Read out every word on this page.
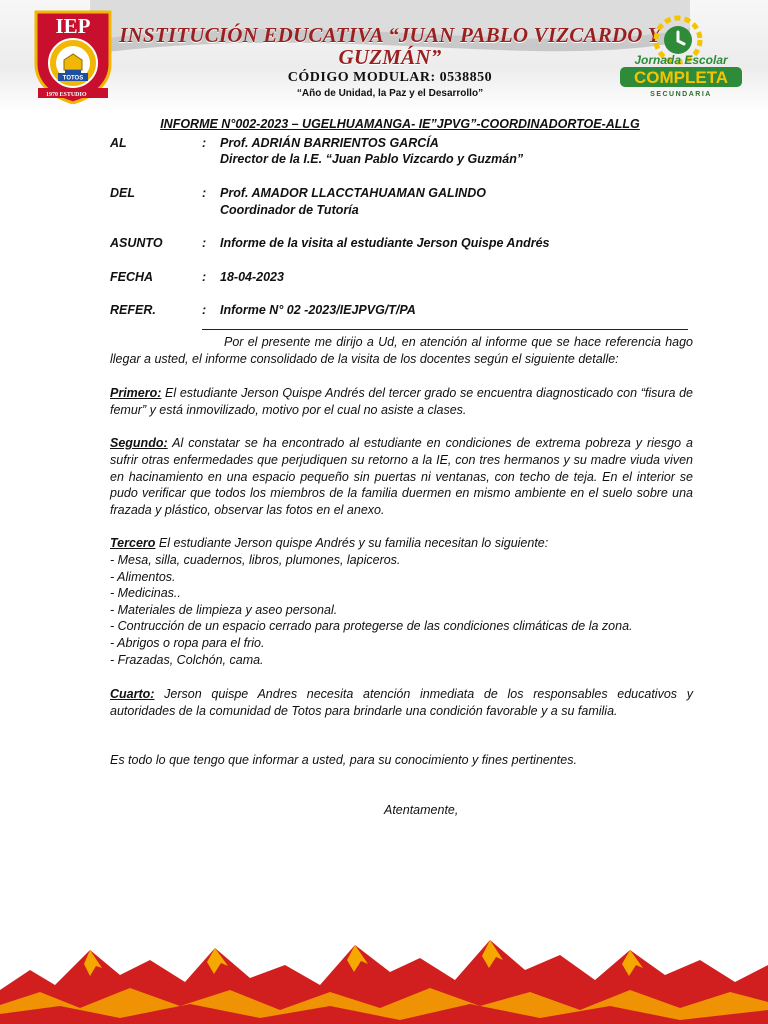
IEP
TOTOS
1970 ESTUDIO
INSTITUCIÓN EDUCATIVA “JUAN PABLO VIZCARDO Y GUZMÁN”
CÓDIGO MODULAR: 0538850
“Año de Unidad, la Paz y el Desarrollo”
Jornada Escolar
COMPLETA
SECUNDARIA
INFORME N°002-2023 – UGELHUAMANGA- IE”JPVG”-COORDINADORTOE-ALLG
AL	: Prof. ADRIÁN BARRIENTOS GARCÍA
Director de la I.E. “Juan Pablo Vizcardo y Guzmán”
DEL	: Prof. AMADOR LLACCTAHUAMAN GALINDO
Coordinador de Tutoría
ASUNTO	: Informe de la visita al estudiante Jerson Quispe Andrés
FECHA	: 18-04-2023
REFER.	: Informe N° 02 -2023/IEJPVG/T/PA
Por el presente me dirijo a Ud, en atención al informe que se hace referencia hago llegar a usted, el informe consolidado de la visita de los docentes según el siguiente detalle:
Primero: El estudiante Jerson Quispe Andrés del tercer grado se encuentra diagnosticado con “fisura de femur” y está inmovilizado, motivo por el cual no asiste a clases.
Segundo: Al constatar se ha encontrado al estudiante en condiciones de extrema pobreza y riesgo a sufrir otras enfermedades que perjudiquen su retorno a la IE, con tres hermanos y su madre viuda viven en hacinamiento en una espacio pequeño sin puertas ni ventanas, con techo de teja. En el interior se pudo verificar que todos los miembros de la familia duermen en mismo ambiente en el suelo sobre una frazada y plástico, observar las fotos en el anexo.
Tercero El estudiante Jerson quispe Andrés y su familia necesitan lo siguiente:
- Mesa, silla, cuadernos, libros, plumones, lapiceros.
- Alimentos.
- Medicinas..
- Materiales de limpieza y aseo personal.
- Contrucción de un espacio cerrado para protegerse de las condiciones climáticas de la zona.
- Abrigos o ropa para el frio.
- Frazadas, Colchón, cama.
Cuarto: Jerson quispe Andres necesita atención inmediata de los responsables educativos y autoridades de la comunidad de Totos para brindarle una condición favorable y a su familia.
Es todo lo que tengo que informar a usted, para su conocimiento y fines pertinentes.
Atentamente,
